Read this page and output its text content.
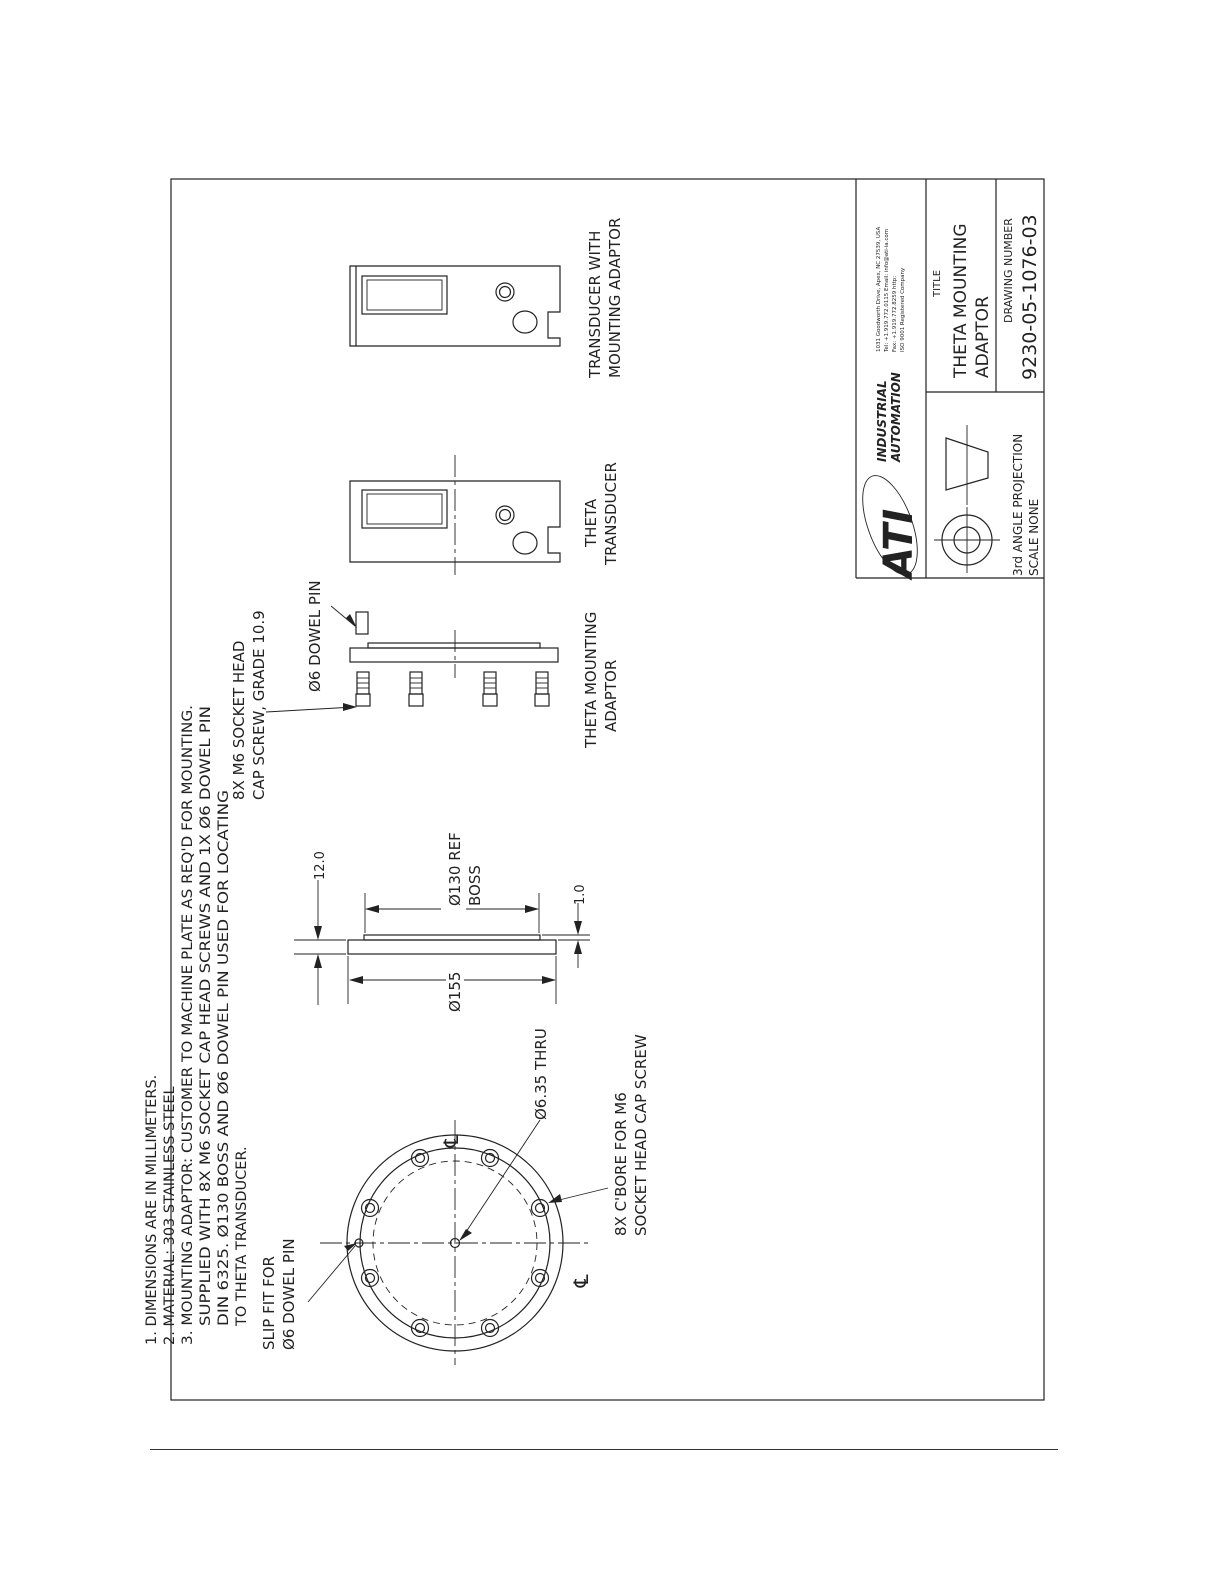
ATI
INDUSTRIAL AUTOMATION
1031 Goodworth Drive, Apex, NC 27539, USA Tel: +1.919.772.0115 Email: info@ati-ia.com Fax: +1.919.772.8259 http: ISO 9001 Registered Company	TITLE THETA MOUNTING ADAPTOR
DRAWING NUMBER 9230-05-1076-03
3rd ANGLE PROJECTION SCALE NONE
℄
℄
SLIP FIT FOR Ø6 DOWEL PIN
Ø6.35 THRU
8X C'BORE FOR M6 SOCKET HEAD CAP SCREW
12.0
Ø155
Ø130 REF BOSS	1.0
8X M6 SOCKET HEAD CAP SCREW, GRADE 10.9	Ø6 DOWEL PIN	THETA MOUNTING ADAPTOR
THETA TRANSDUCER
TRANSDUCER WITH MOUNTING ADAPTOR
1. DIMENSIONS ARE IN MILLIMETERS. 2. MATERIAL: 303 STAINLESS STEEL 3. MOUNTING ADAPTOR: CUSTOMER TO MACHINE PLATE AS REQ'D FOR MOUNTING. SUPPLIED WITH 8X M6 SOCKET CAP HEAD SCREWS AND 1X Ø6 DOWEL PIN DIN 6325. Ø130 BOSS AND Ø6 DOWEL PIN USED FOR LOCATING TO THETA TRANSDUCER.
